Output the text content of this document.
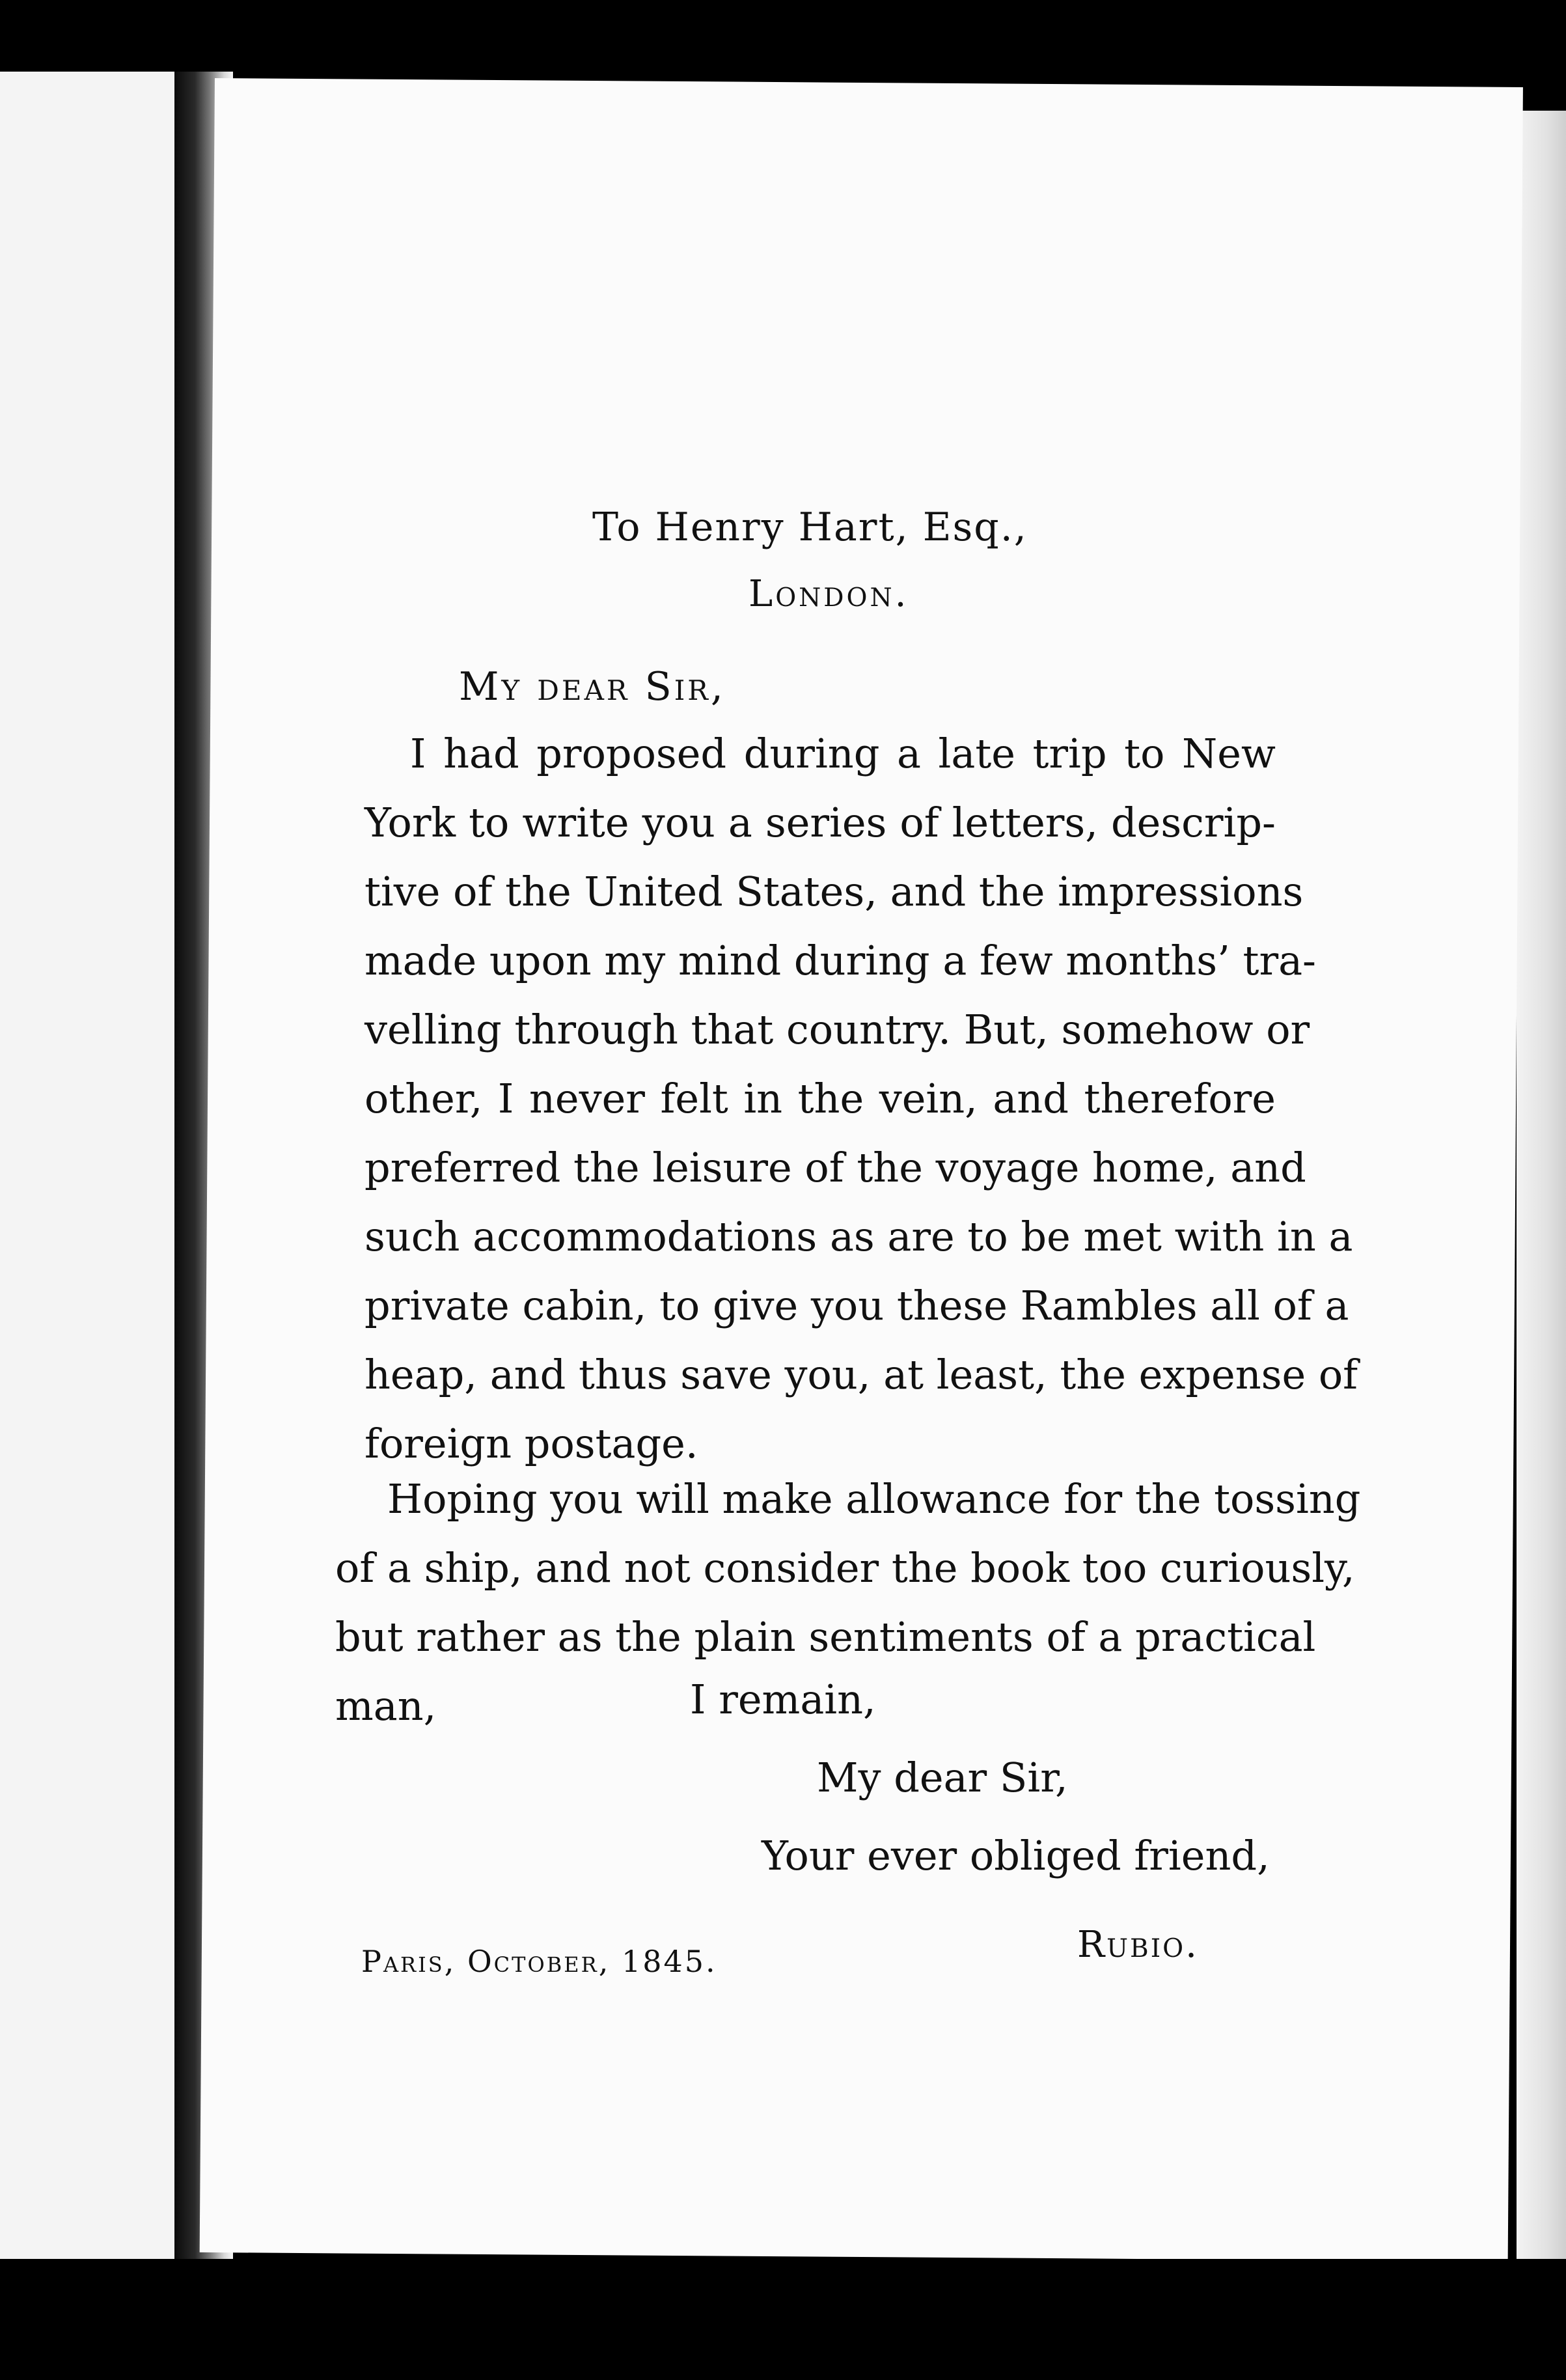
To Henry Hart, Esq.,
London.
My dear Sir,
I had proposed during a late trip to New
York to write you a series of letters, descrip-
tive of the United States, and the impressions
made upon my mind during a few months’ tra-
velling through that country. But, somehow or
other, I never felt in the vein, and therefore
preferred the leisure of the voyage home, and
such accommodations as are to be met with in a
private cabin, to give you these Rambles all of a
heap, and thus save you, at least, the expense of
foreign postage.
Hoping you will make allowance for the tossing
of a ship, and not consider the book too curiously,
but rather as the plain sentiments of a practical
man,	I remain,
My dear Sir,
Your ever obliged friend,
Rubio.
Paris, October, 1845.
